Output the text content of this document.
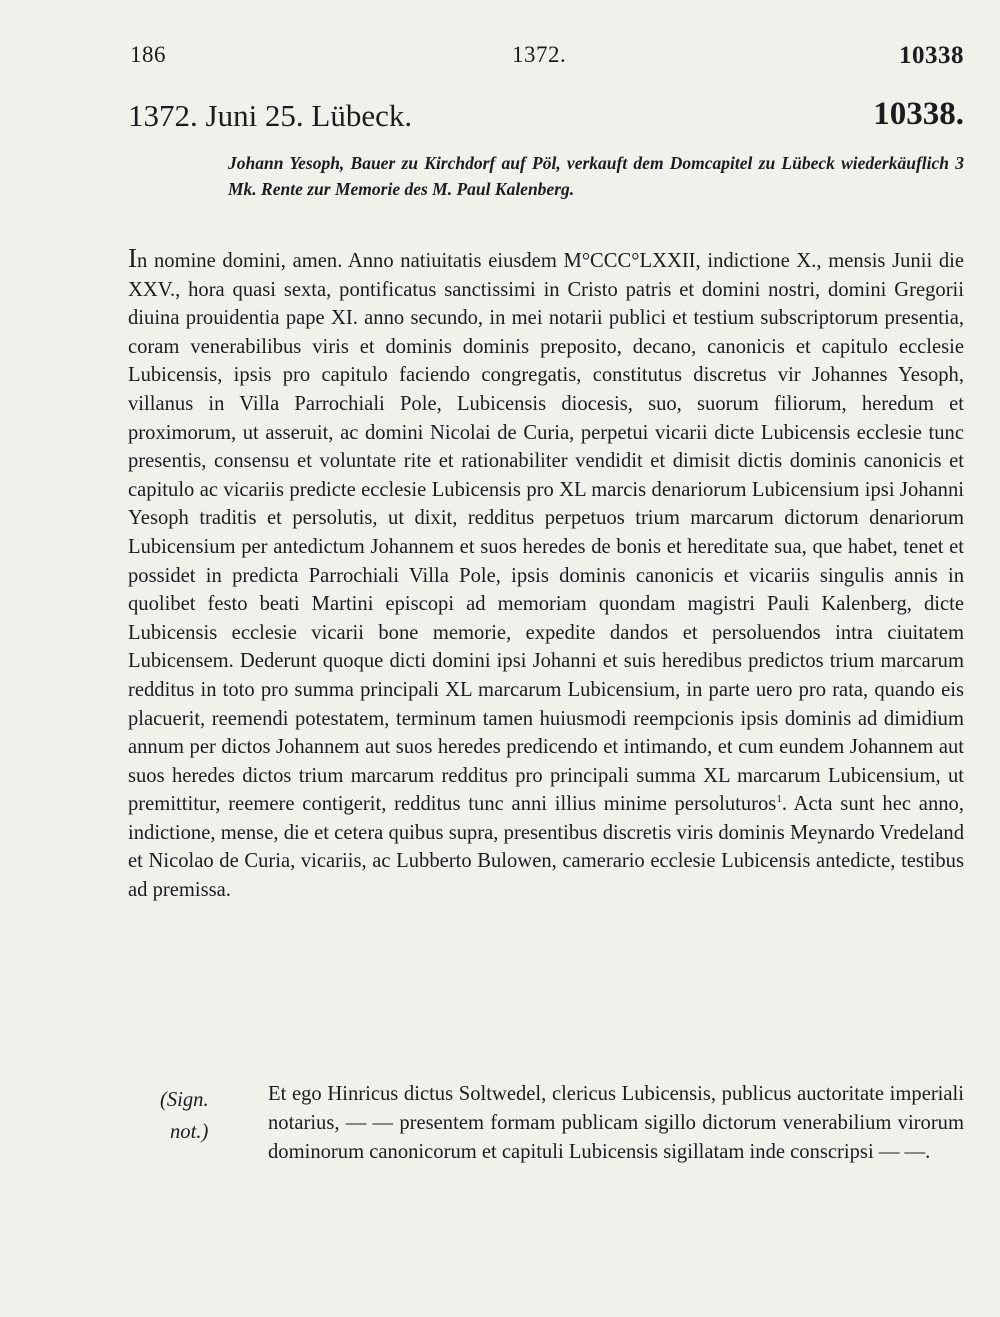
186	1372.	10338
1372. Juni 25. Lübeck.	10338.
Johann Yesoph, Bauer zu Kirchdorf auf Pöl, verkauft dem Domcapitel zu Lübeck wiederkäuflich 3 Mk. Rente zur Memorie des M. Paul Kalenberg.
In nomine domini, amen. Anno natiuitatis eiusdem M°CCC°LXXII, indictione X., mensis Junii die XXV., hora quasi sexta, pontificatus sanctissimi in Cristo patris et domini nostri, domini Gregorii diuina prouidentia pape XI. anno secundo, in mei notarii publici et testium subscriptorum presentia, coram venerabilibus viris et dominis dominis preposito, decano, canonicis et capitulo ecclesie Lubicensis, ipsis pro capitulo faciendo congregatis, constitutus discretus vir Johannes Yesoph, villanus in Villa Parrochiali Pole, Lubicensis diocesis, suo, suorum filiorum, heredum et proximorum, ut asseruit, ac domini Nicolai de Curia, perpetui vicarii dicte Lubicensis ecclesie tunc presentis, consensu et voluntate rite et rationabiliter vendidit et dimisit dictis dominis canonicis et capitulo ac vicariis predicte ecclesie Lubicensis pro XL marcis denariorum Lubicensium ipsi Johanni Yesoph traditis et persolutis, ut dixit, redditus perpetuos trium marcarum dictorum denariorum Lubicensium per antedictum Johannem et suos heredes de bonis et hereditate sua, que habet, tenet et possidet in predicta Parrochiali Villa Pole, ipsis dominis canonicis et vicariis singulis annis in quolibet festo beati Martini episcopi ad memoriam quondam magistri Pauli Kalenberg, dicte Lubicensis ecclesie vicarii bone memorie, expedite dandos et persoluendos intra ciuitatem Lubicensem. Dederunt quoque dicti domini ipsi Johanni et suis heredibus predictos trium marcarum redditus in toto pro summa principali XL marcarum Lubicensium, in parte uero pro rata, quando eis placuerit, reemendi potestatem, terminum tamen huiusmodi reempcionis ipsis dominis ad dimidium annum per dictos Johannem aut suos heredes predicendo et intimando, et cum eundem Johannem aut suos heredes dictos trium marcarum redditus pro principali summa XL marcarum Lubicensium, ut premittitur, reemere contigerit, redditus tunc anni illius minime persoluturos$^1$. Acta sunt hec anno, indictione, mense, die et cetera quibus supra, presentibus discretis viris dominis Meynardo Vredeland et Nicolao de Curia, vicariis, ac Lubberto Bulowen, camerario ecclesie Lubicensis antedicte, testibus ad premissa.
(Sign.
not.)
Et ego Hinricus dictus Soltwedel, clericus Lubicensis, publicus auctoritate imperiali notarius, — — presentem formam publicam sigillo dictorum venerabilium virorum dominorum canonicorum et capituli Lubicensis sigillatam inde conscripsi — —.
